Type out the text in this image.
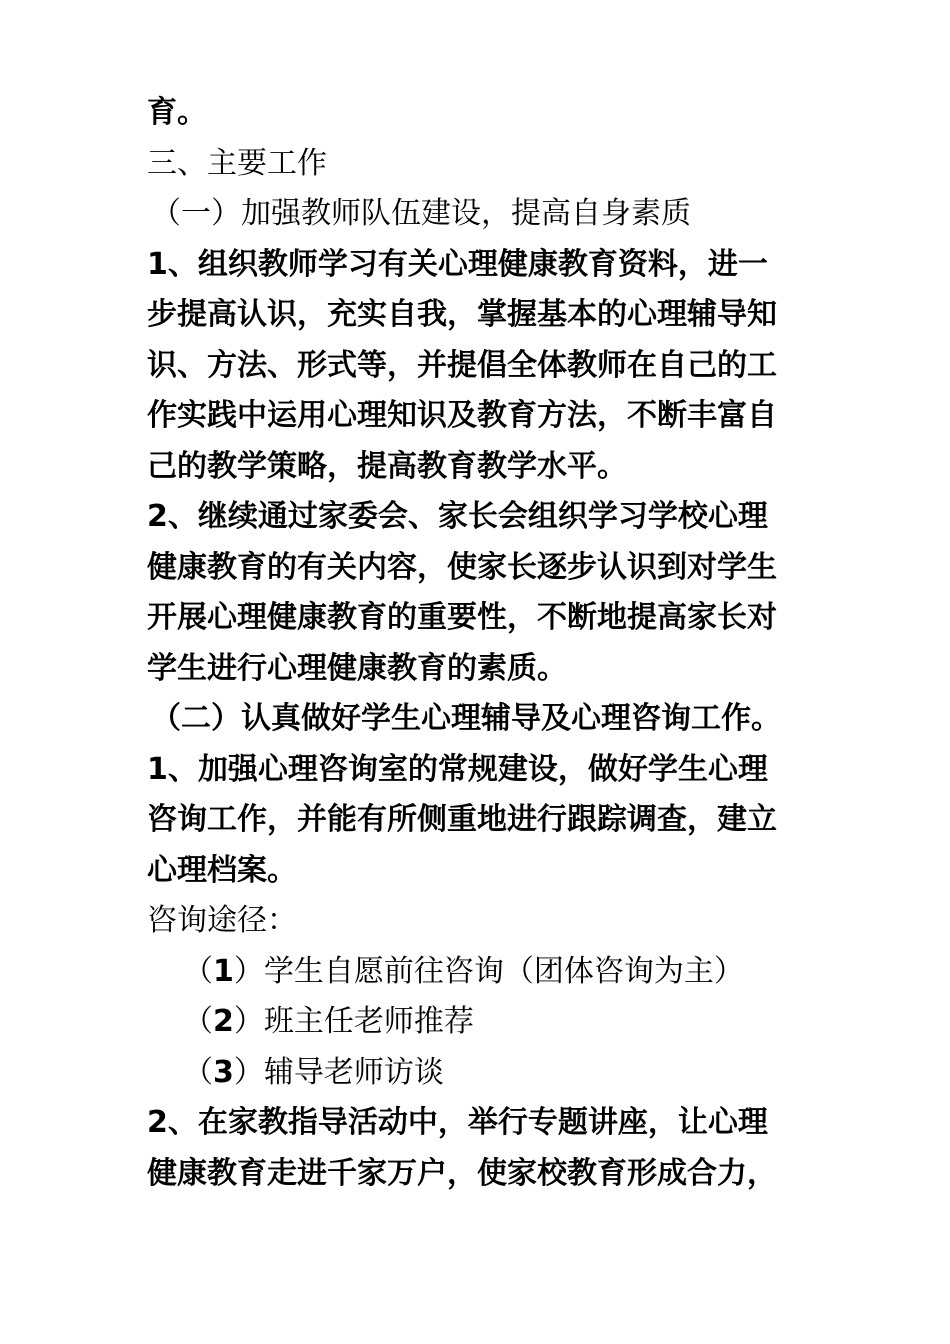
育。
三、主要工作
（一）加强教师队伍建设，提高自身素质
1、组织教师学习有关心理健康教育资料，进一
步提高认识，充实自我，掌握基本的心理辅导知
识、方法、形式等，并提倡全体教师在自己的工
作实践中运用心理知识及教育方法，不断丰富自
己的教学策略，提高教育教学水平。
2、继续通过家委会、家长会组织学习学校心理
健康教育的有关内容，使家长逐步认识到对学生
开展心理健康教育的重要性，不断地提高家长对
学生进行心理健康教育的素质。
（二）认真做好学生心理辅导及心理咨询工作。
1、加强心理咨询室的常规建设，做好学生心理
咨询工作，并能有所侧重地进行跟踪调查，建立
心理档案。
咨询途径：
（1）学生自愿前往咨询（团体咨询为主）
（2）班主任老师推荐
（3）辅导老师访谈
2、在家教指导活动中，举行专题讲座，让心理
健康教育走进千家万户，使家校教育形成合力，
